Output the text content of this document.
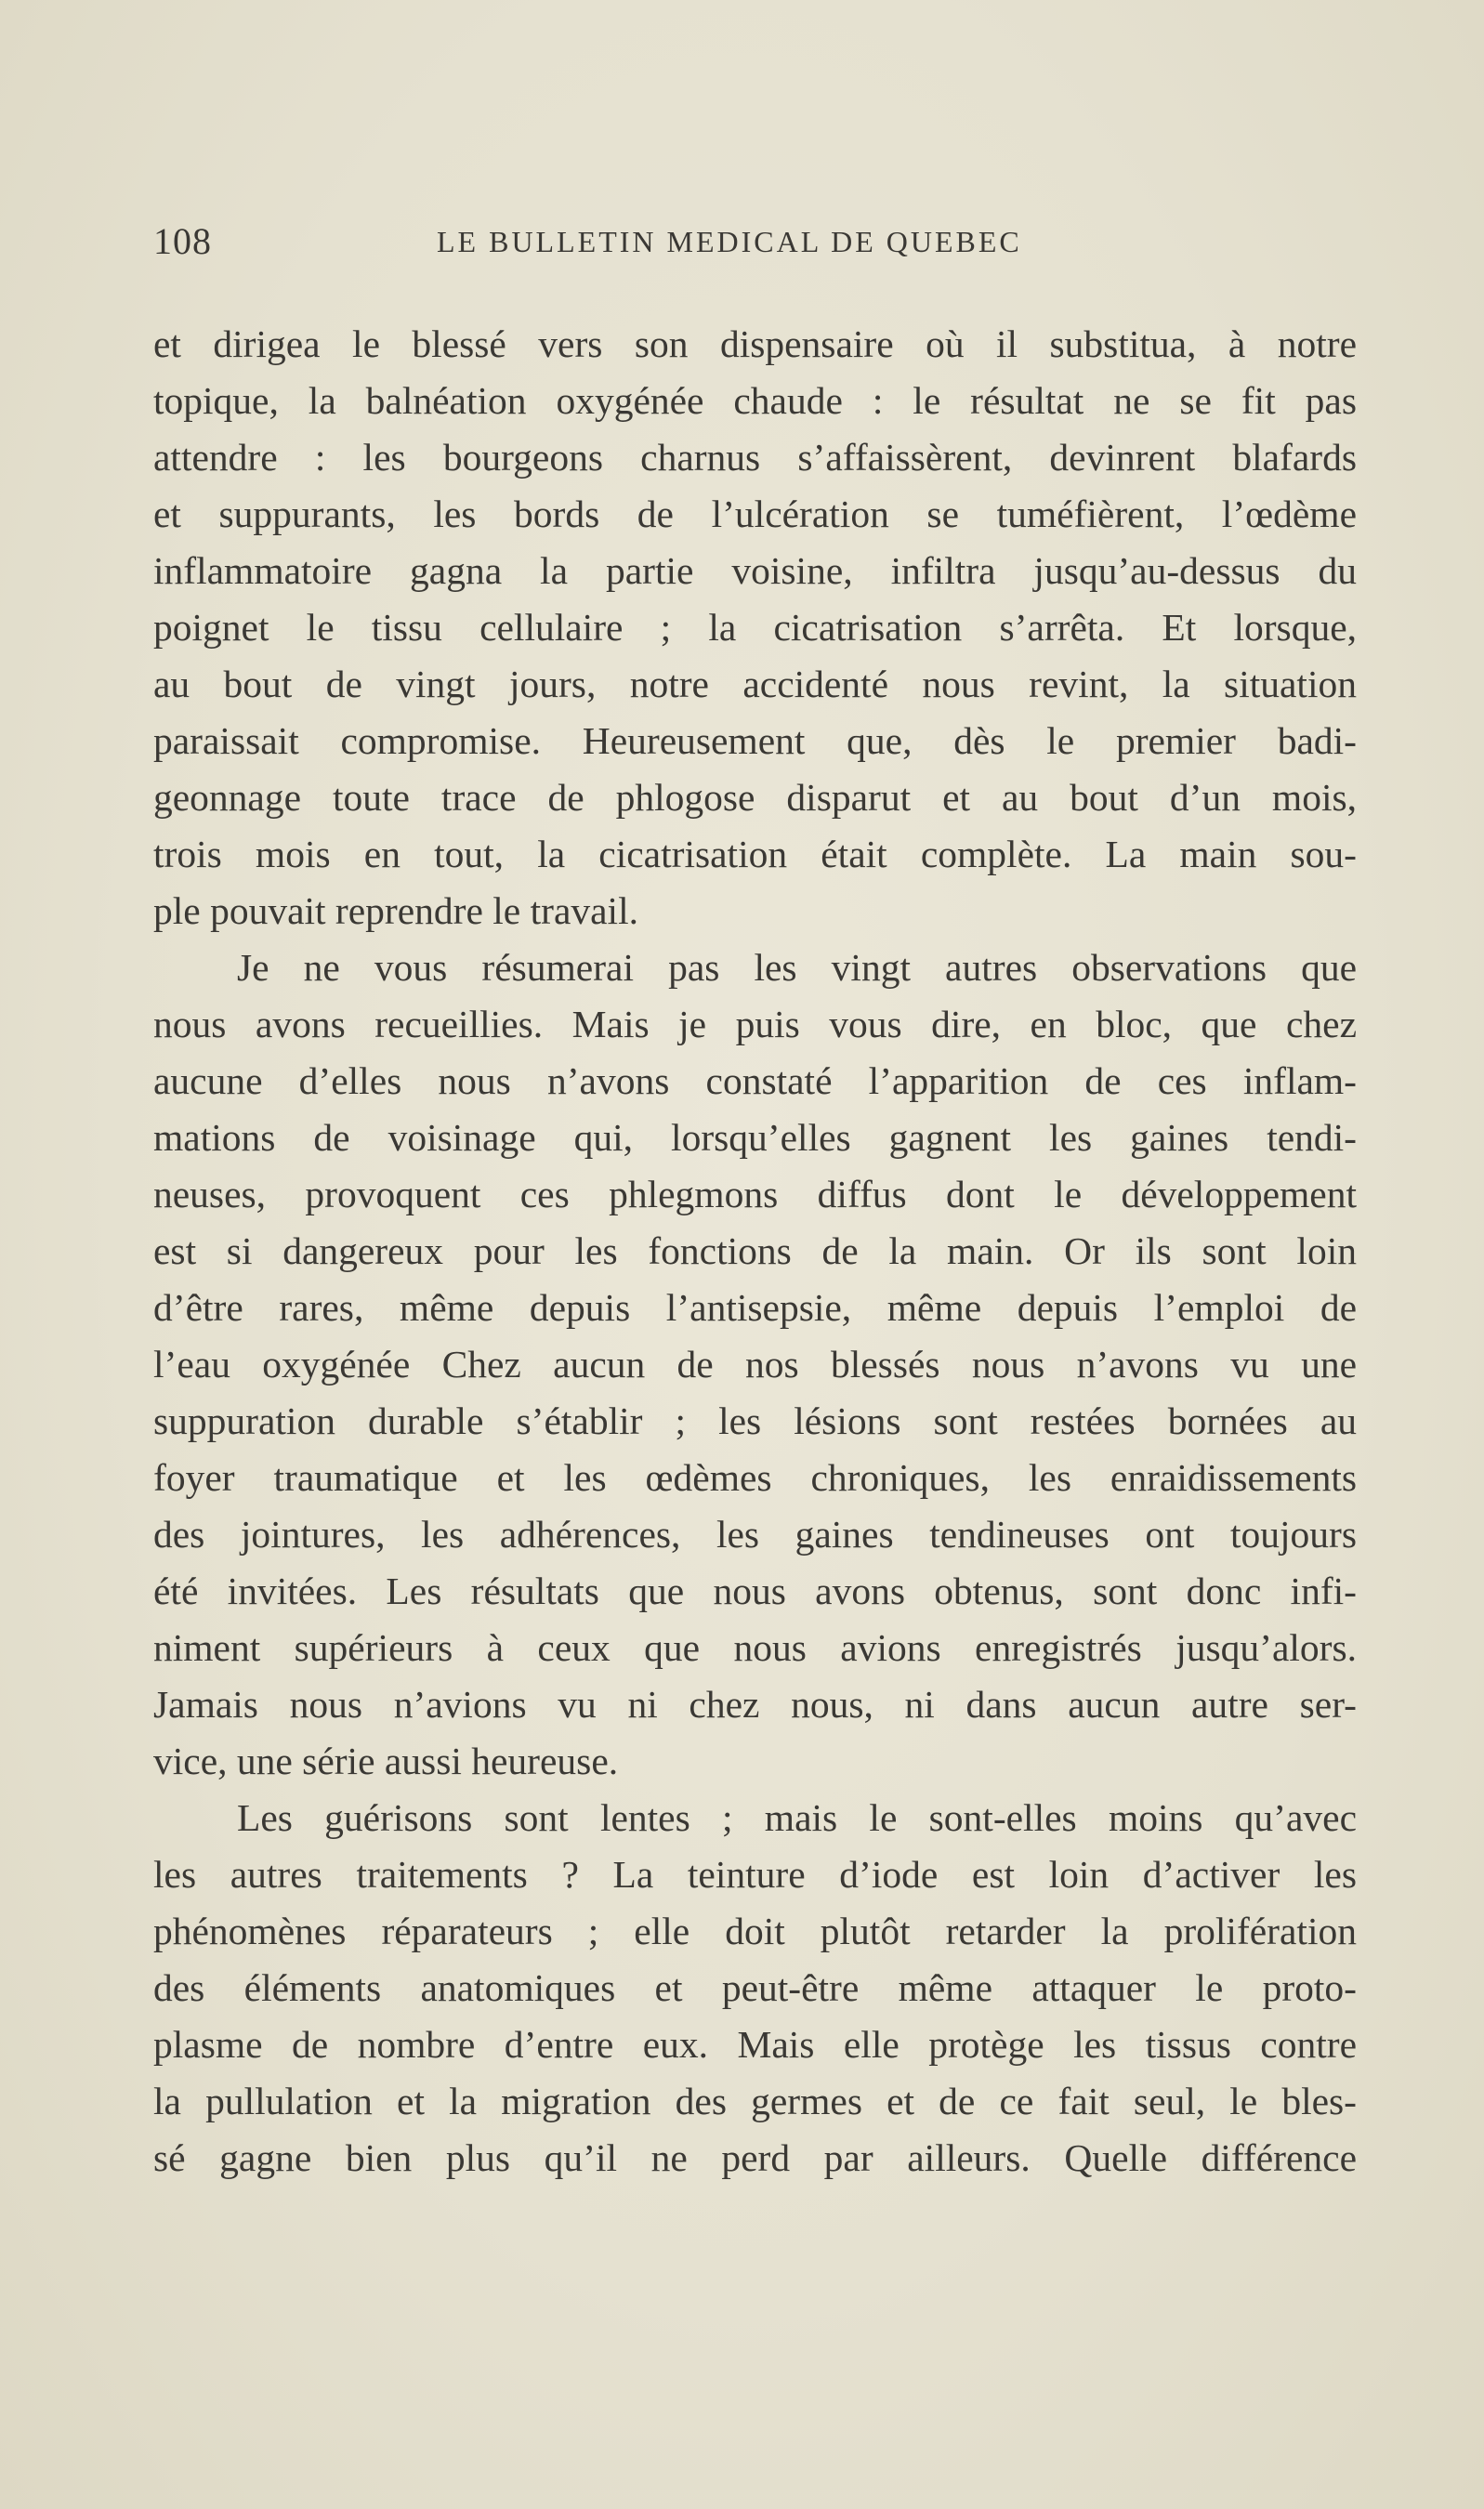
108	LE BULLETIN MEDICAL DE QUEBEC
et dirigea le blessé vers son dispensaire où il substitua, à notre
topique, la balnéation oxygénée chaude : le résultat ne se fit pas
attendre : les bourgeons charnus s’affaissèrent, devinrent blafards
et suppurants, les bords de l’ulcération se tuméfièrent, l’œdème
inflammatoire gagna la partie voisine, infiltra jusqu’au-dessus du
poignet le tissu cellulaire ; la cicatrisation s’arrêta. Et lorsque,
au bout de vingt jours, notre accidenté nous revint, la situation
paraissait compromise. Heureusement que, dès le premier badi-
geonnage toute trace de phlogose disparut et au bout d’un mois,
trois mois en tout, la cicatrisation était complète. La main sou-
ple pouvait reprendre le travail.
Je ne vous résumerai pas les vingt autres observations que
nous avons recueillies. Mais je puis vous dire, en bloc, que chez
aucune d’elles nous n’avons constaté l’apparition de ces inflam-
mations de voisinage qui, lorsqu’elles gagnent les gaines tendi-
neuses, provoquent ces phlegmons diffus dont le développement
est si dangereux pour les fonctions de la main. Or ils sont loin
d’être rares, même depuis l’antisepsie, même depuis l’emploi de
l’eau oxygénée Chez aucun de nos blessés nous n’avons vu une
suppuration durable s’établir ; les lésions sont restées bornées au
foyer traumatique et les œdèmes chroniques, les enraidissements
des jointures, les adhérences, les gaines tendineuses ont toujours
été invitées. Les résultats que nous avons obtenus, sont donc infi-
niment supérieurs à ceux que nous avions enregistrés jusqu’alors.
Jamais nous n’avions vu ni chez nous, ni dans aucun autre ser-
vice, une série aussi heureuse.
Les guérisons sont lentes ; mais le sont-elles moins qu’avec
les autres traitements ? La teinture d’iode est loin d’activer les
phénomènes réparateurs ; elle doit plutôt retarder la prolifération
des éléments anatomiques et peut-être même attaquer le proto-
plasme de nombre d’entre eux. Mais elle protège les tissus contre
la pullulation et la migration des germes et de ce fait seul, le bles-
sé gagne bien plus qu’il ne perd par ailleurs. Quelle différence
